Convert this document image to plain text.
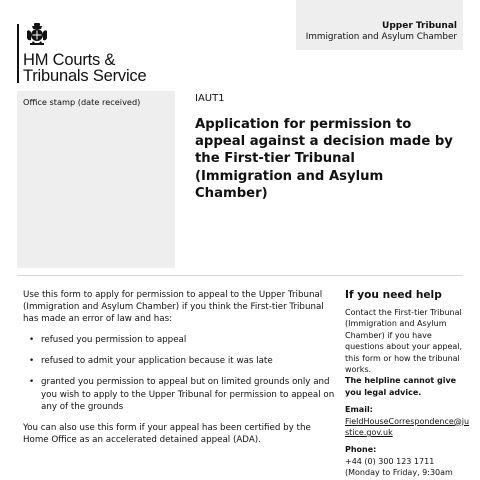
Upper Tribunal
Immigration and Asylum Chamber
HM Courts &
Tribunals Service
Office stamp (date received)	IAUT1
Application for permission to appeal against a decision made by the First-tier Tribunal (Immigration and Asylum Chamber)

Use this form to apply for permission to appeal to the Upper Tribunal (Immigration and Asylum Chamber) if you think the First-tier Tribunal has made an error of law and has:

• refused you permission to appeal
• refused to admit your application because it was late
• granted you permission to appeal but on limited grounds only and you wish to apply to the Upper Tribunal for permission to appeal on any of the grounds

You can also use this form if your appeal has been certified by the Home Office as an accelerated detained appeal (ADA).

If you need help

Contact the First-tier Tribunal (Immigration and Asylum Chamber) if you have questions about your appeal, this form or how the tribunal works.

The helpline cannot give you legal advice.

Email:

FieldHouseCorrespondence@justice.gov.uk

Phone:

+44 (0) 300 123 1711

(Monday to Friday, 9:30am
